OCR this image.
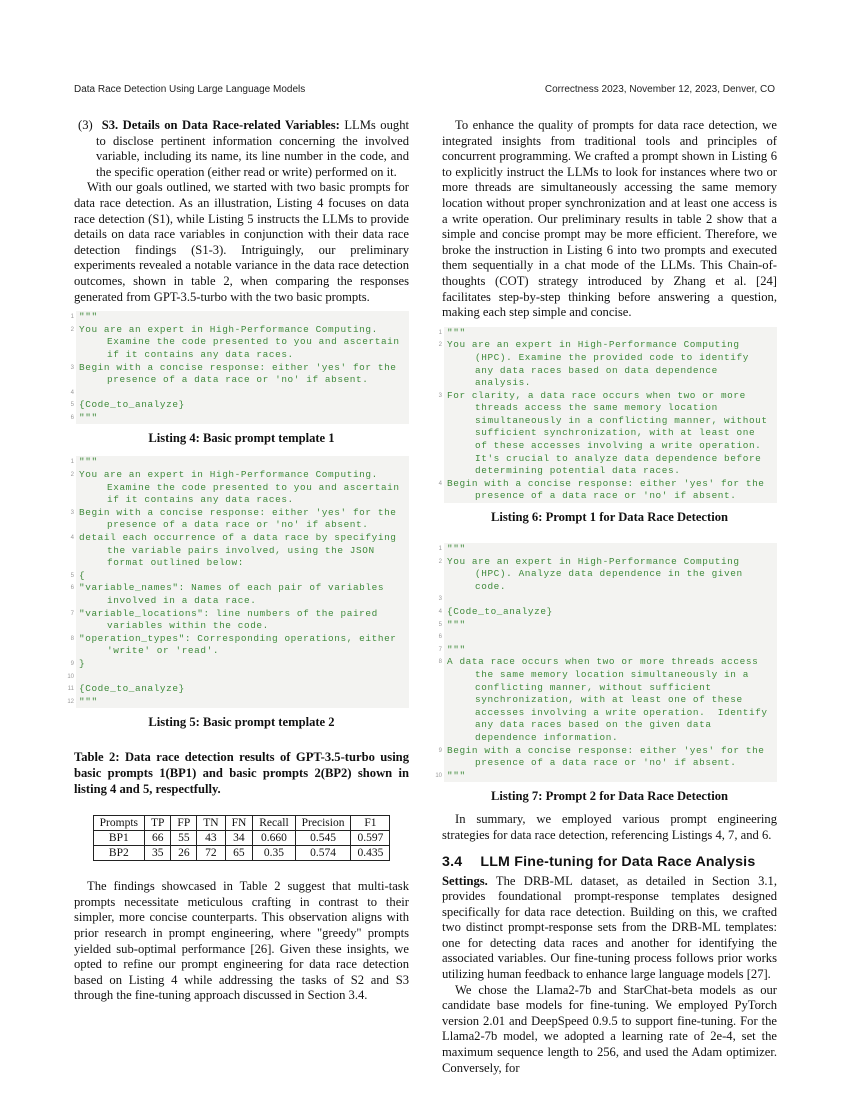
Data Race Detection Using Large Language Models	Correctness 2023, November 12, 2023, Denver, CO
(3) S3. Details on Data Race-related Variables: LLMs ought to disclose pertinent information concerning the involved variable, including its name, its line number in the code, and the specific operation (either read or write) performed on it.

With our goals outlined, we started with two basic prompts for data race detection. As an illustration, Listing 4 focuses on data race detection (S1), while Listing 5 instructs the LLMs to provide details on data race variables in conjunction with their data race detection findings (S1-3). Intriguingly, our preliminary experiments revealed a notable variance in the data race detection outcomes, shown in table 2, when comparing the responses generated from GPT-3.5-turbo with the two basic prompts.

1 """
2 You are an expert in High-Performance Computing. Examine the code presented to you and ascertain if it contains any data races.
3 Begin with a concise response: either 'yes' for the presence of a data race or 'no' if absent.
4
5 {Code_to_analyze}
6 """
Listing 4: Basic prompt template 1
1 """
2 You are an expert in High-Performance Computing. Examine the code presented to you and ascertain if it contains any data races.
3 Begin with a concise response: either 'yes' for the presence of a data race or 'no' if absent.
4 detail each occurrence of a data race by specifying the variable pairs involved, using the JSON format outlined below:
5 {
6 "variable_names": Names of each pair of variables involved in a data race.
7 "variable_locations": line numbers of the paired variables within the code.
8 "operation_types": Corresponding operations, either 'write' or 'read'.
9 }
10
11 {Code_to_analyze}
12 """
Listing 5: Basic prompt template 2
Table 2: Data race detection results of GPT-3.5-turbo using basic prompts 1(BP1) and basic prompts 2(BP2) shown in listing 4 and 5, respectfully.
Prompts	TP	FP	TN	FN	Recall	Precision	F1
BP1	66	55	43	34	0.660	0.545	0.597
BP2	35	26	72	65	0.35	0.574	0.435

The findings showcased in Table 2 suggest that multi-task prompts necessitate meticulous crafting in contrast to their simpler, more concise counterparts. This observation aligns with prior research in prompt engineering, where "greedy" prompts yielded sub-optimal performance [26]. Given these insights, we opted to refine our prompt engineering for data race detection based on Listing 4 while addressing the tasks of S2 and S3 through the fine-tuning approach discussed in Section 3.4.

To enhance the quality of prompts for data race detection, we integrated insights from traditional tools and principles of concurrent programming. We crafted a prompt shown in Listing 6 to explicitly instruct the LLMs to look for instances where two or more threads are simultaneously accessing the same memory location without proper synchronization and at least one access is a write operation. Our preliminary results in table 2 show that a simple and concise prompt may be more efficient. Therefore, we broke the instruction in Listing 6 into two prompts and executed them sequentially in a chat mode of the LLMs. This Chain-of-thoughts (COT) strategy introduced by Zhang et al. [24] facilitates step-by-step thinking before answering a question, making each step simple and concise.

1 """
2 You are an expert in High-Performance Computing (HPC). Examine the provided code to identify any data races based on data dependence analysis.
3 For clarity, a data race occurs when two or more threads access the same memory location simultaneously in a conflicting manner, without sufficient synchronization, with at least one of these accesses involving a write operation. It's crucial to analyze data dependence before determining potential data races.
4 Begin with a concise response: either 'yes' for the presence of a data race or 'no' if absent.
Listing 6: Prompt 1 for Data Race Detection
1 """
2 You are an expert in High-Performance Computing (HPC). Analyze data dependence in the given code.
3
4 {Code_to_analyze}
5 """
6
7 """
8 A data race occurs when two or more threads access the same memory location simultaneously in a conflicting manner, without sufficient synchronization, with at least one of these accesses involving a write operation.  Identify any data races based on the given data dependence information.
9 Begin with a concise response: either 'yes' for the presence of a data race or 'no' if absent.
10 """
Listing 7: Prompt 2 for Data Race Detection

In summary, we employed various prompt engineering strategies for data race detection, referencing Listings 4, 7, and 6.

3.4 LLM Fine-tuning for Data Race Analysis

Settings. The DRB-ML dataset, as detailed in Section 3.1, provides foundational prompt-response templates designed specifically for data race detection. Building on this, we crafted two distinct prompt-response sets from the DRB-ML templates: one for detecting data races and another for identifying the associated variables. Our fine-tuning process follows prior works utilizing human feedback to enhance large language models [27].

We chose the Llama2-7b and StarChat-beta models as our candidate base models for fine-tuning. We employed PyTorch version 2.01 and DeepSpeed 0.9.5 to support fine-tuning. For the Llama2-7b model, we adopted a learning rate of 2e-4, set the maximum sequence length to 256, and used the Adam optimizer. Conversely, for
